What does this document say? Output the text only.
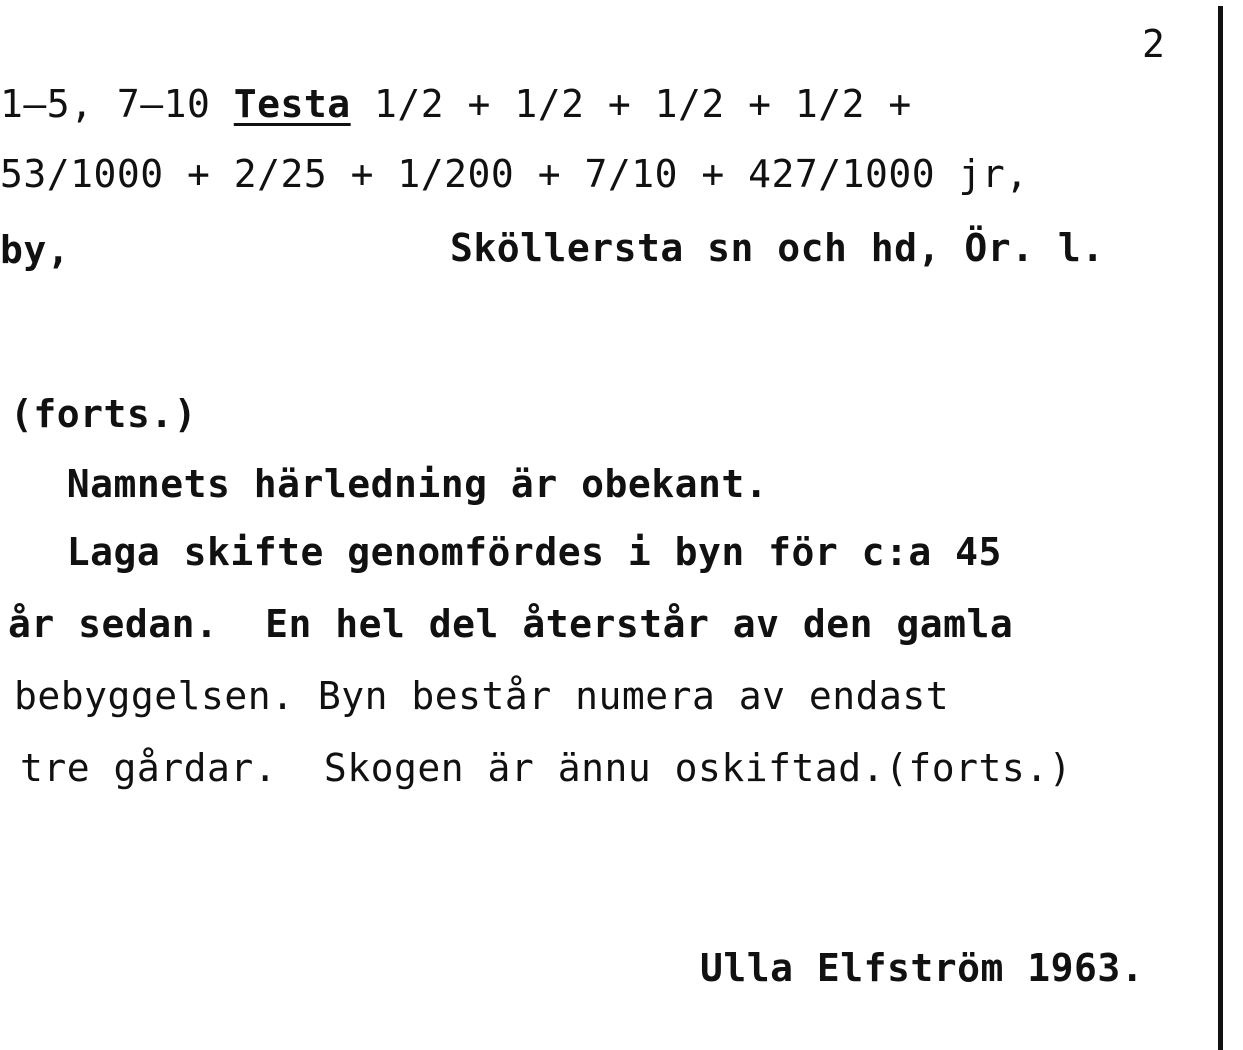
2
1–5, 7–10 Testa 1/2 + 1/2 + 1/2 + 1/2 +
53/1000 + 2/25 + 1/200 + 7/10 + 427/1000 jr,
by,	Sköllersta sn och hd, Ör. l.
(forts.)
Namnets härledning är obekant.
Laga skifte genomfördes i byn för c:a 45
år sedan.  En hel del återstår av den gamla
bebyggelsen. Byn består numera av endast
tre gårdar.  Skogen är ännu oskiftad.(forts.)
Ulla Elfström 1963.
